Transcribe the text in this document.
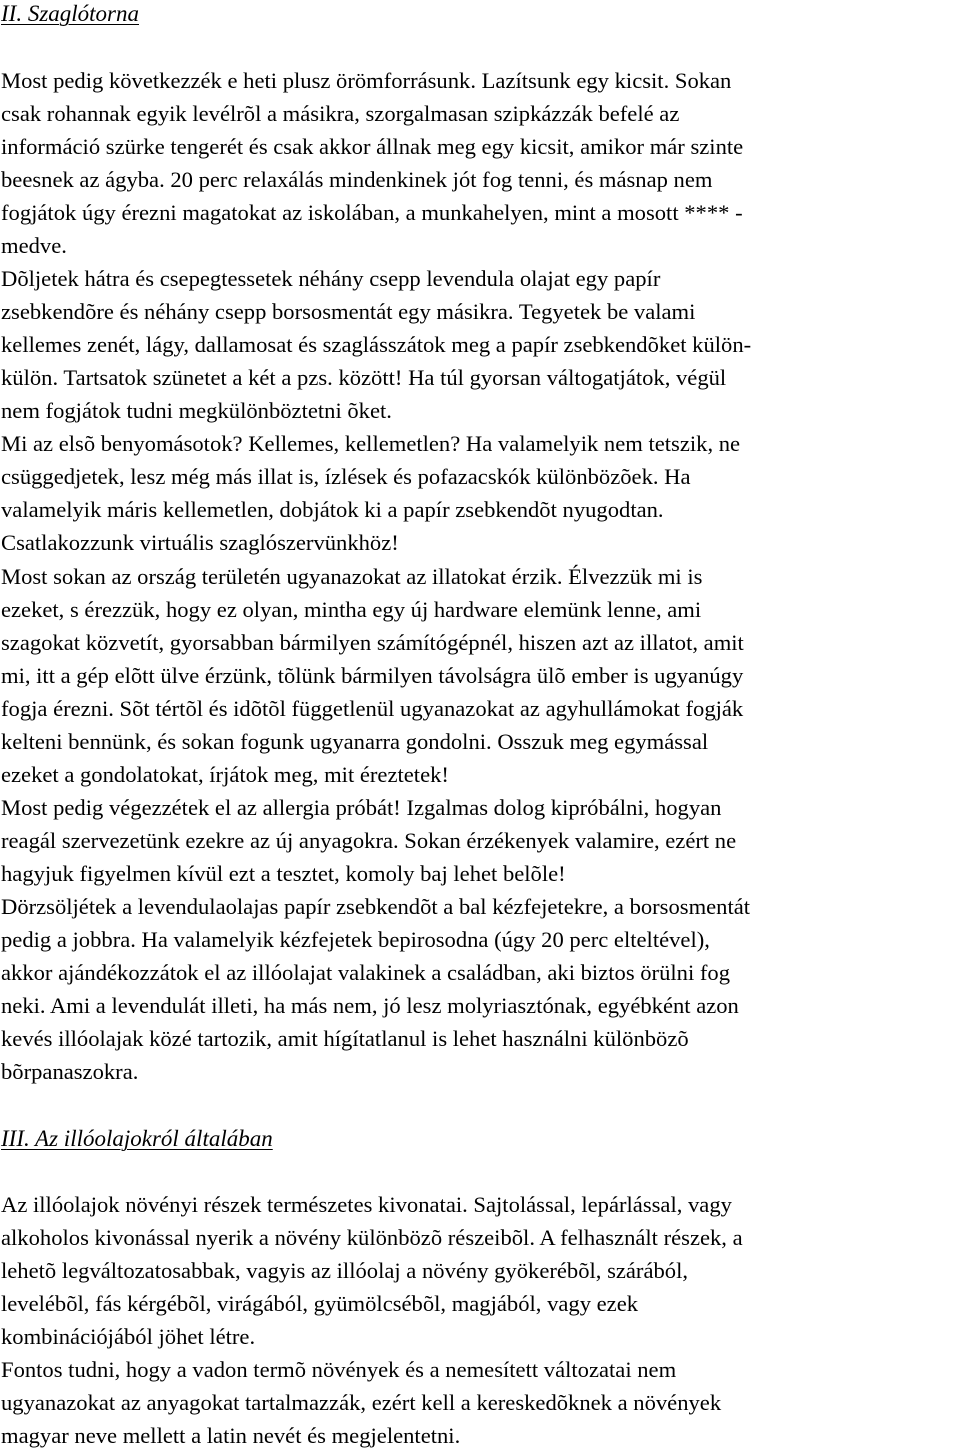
II. Szaglótorna

Most pedig következzék e heti plusz örömforrásunk. Lazítsunk egy kicsit. Sokan

csak rohannak egyik levélrõl a másikra, szorgalmasan szipkázzák befelé az

információ szürke tengerét és csak akkor állnak meg egy kicsit, amikor már szinte

beesnek az ágyba. 20 perc relaxálás mindenkinek jót fog tenni, és másnap nem

fogjátok úgy érezni magatokat az iskolában, a munkahelyen, mint a mosott **** -

medve.

Dõljetek hátra és csepegtessetek néhány csepp levendula olajat egy papír

zsebkendõre és néhány csepp borsosmentát egy másikra. Tegyetek be valami

kellemes zenét, lágy, dallamosat és szaglásszátok meg a papír zsebkendõket külön-

külön. Tartsatok szünetet a két a pzs. között! Ha túl gyorsan váltogatjátok, végül

nem fogjátok tudni megkülönböztetni õket.

Mi az elsõ benyomásotok? Kellemes, kellemetlen? Ha valamelyik nem tetszik, ne

csüggedjetek, lesz még más illat is, ízlések és pofazacskók különbözõek. Ha

valamelyik máris kellemetlen, dobjátok ki a papír zsebkendõt nyugodtan.

Csatlakozzunk virtuális szaglószervünkhöz!

Most sokan az ország területén ugyanazokat az illatokat érzik. Élvezzük mi is

ezeket, s érezzük, hogy ez olyan, mintha egy új hardware elemünk lenne, ami

szagokat közvetít, gyorsabban bármilyen számítógépnél, hiszen azt az illatot, amit

mi, itt a gép elõtt ülve érzünk, tõlünk bármilyen távolságra ülõ ember is ugyanúgy

fogja érezni. Sõt tértõl és idõtõl függetlenül ugyanazokat az agyhullámokat fogják

kelteni bennünk, és sokan fogunk ugyanarra gondolni. Osszuk meg egymással

ezeket a gondolatokat, írjátok meg, mit éreztetek!

Most pedig végezzétek el az allergia próbát! Izgalmas dolog kipróbálni, hogyan

reagál szervezetünk ezekre az új anyagokra. Sokan érzékenyek valamire, ezért ne

hagyjuk figyelmen kívül ezt a tesztet, komoly baj lehet belõle!

Dörzsöljétek a levendulaolajas papír zsebkendõt a bal kézfejetekre, a borsosmentát

pedig a jobbra. Ha valamelyik kézfejetek bepirosodna (úgy 20 perc elteltével),

akkor ajándékozzátok el az illóolajat valakinek a családban, aki biztos örülni fog

neki. Ami a levendulát illeti, ha más nem, jó lesz molyriasztónak, egyébként azon

kevés illóolajak közé tartozik, amit hígítatlanul is lehet használni különbözõ

bõrpanaszokra.

III. Az illóolajokról általában

Az illóolajok növényi részek természetes kivonatai. Sajtolással, lepárlással, vagy

alkoholos kivonással nyerik a növény különbözõ részeibõl. A felhasznált részek, a

lehetõ legváltozatosabbak, vagyis az illóolaj a növény gyökerébõl, szárából,

levelébõl, fás kérgébõl, virágából, gyümölcsébõl, magjából, vagy ezek

kombinációjából jöhet létre.

Fontos tudni, hogy a vadon termõ növények és a nemesített változatai nem

ugyanazokat az anyagokat tartalmazzák, ezért kell a kereskedõknek a növények

magyar neve mellett a latin nevét és megjelentetni.
